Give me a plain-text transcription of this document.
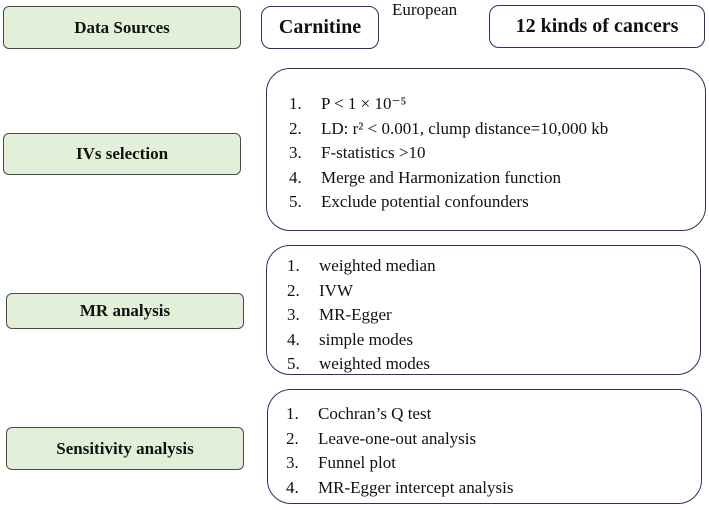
Data Sources
IVs selection
MR analysis
Sensitivity analysis
Carnitine
European
12 kinds of cancers
1.	P < 1 × 10⁻⁵
2.	LD: r² < 0.001, clump distance=10,000 kb
3.	F-statistics >10
4.	Merge and Harmonization function
5.	Exclude potential confounders
1.	weighted median
2.	IVW
3.	MR-Egger
4.	simple modes
5.	weighted modes
1.	Cochran’s Q test
2.	Leave-one-out analysis
3.	Funnel plot
4.	MR-Egger intercept analysis
